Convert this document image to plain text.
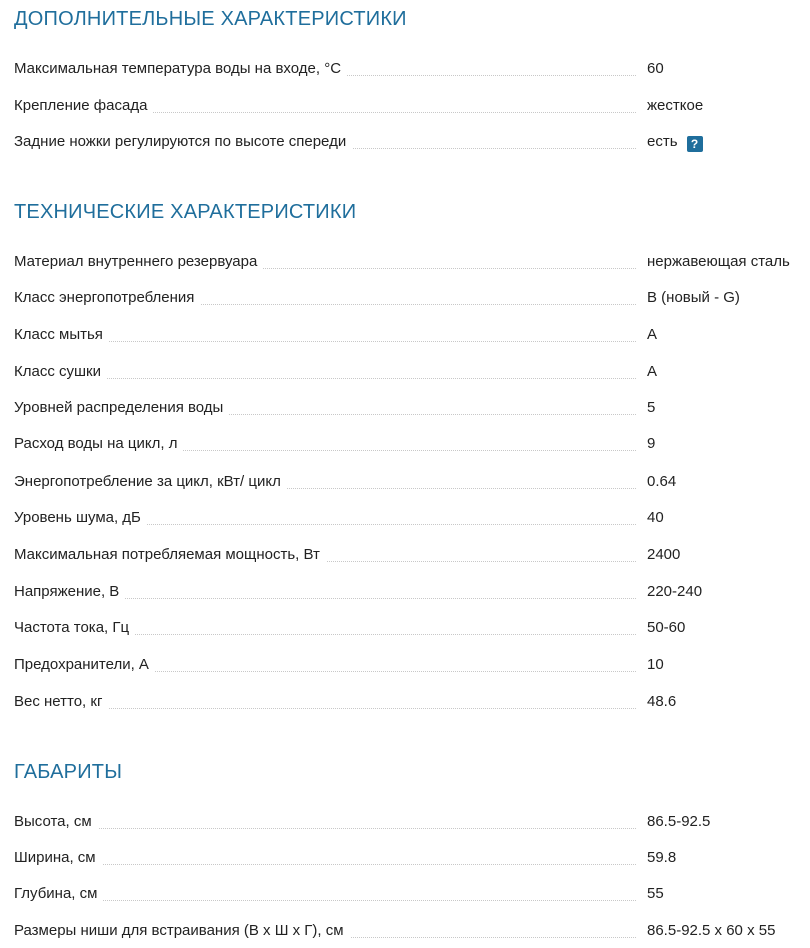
ДОПОЛНИТЕЛЬНЫЕ ХАРАКТЕРИСТИКИ
Максимальная температура воды на входе, °C	60
Крепление фасада	жесткое
Задние ножки регулируются по высоте спереди	есть ?
ТЕХНИЧЕСКИЕ ХАРАКТЕРИСТИКИ
Материал внутреннего резервуара	нержавеющая сталь
Класс энергопотребления	B (новый - G)
Класс мытья	A
Класс сушки	A
Уровней распределения воды	5
Расход воды на цикл, л	9
Энергопотребление за цикл, кВт/ цикл	0.64
Уровень шума, дБ	40
Максимальная потребляемая мощность, Вт	2400
Напряжение, В	220-240
Частота тока, Гц	50-60
Предохранители, А	10
Вес нетто, кг	48.6
ГАБАРИТЫ
Высота, см	86.5-92.5
Ширина, см	59.8
Глубина, см	55
Размеры ниши для встраивания (В х Ш х Г), см	86.5-92.5 x 60 x 55
